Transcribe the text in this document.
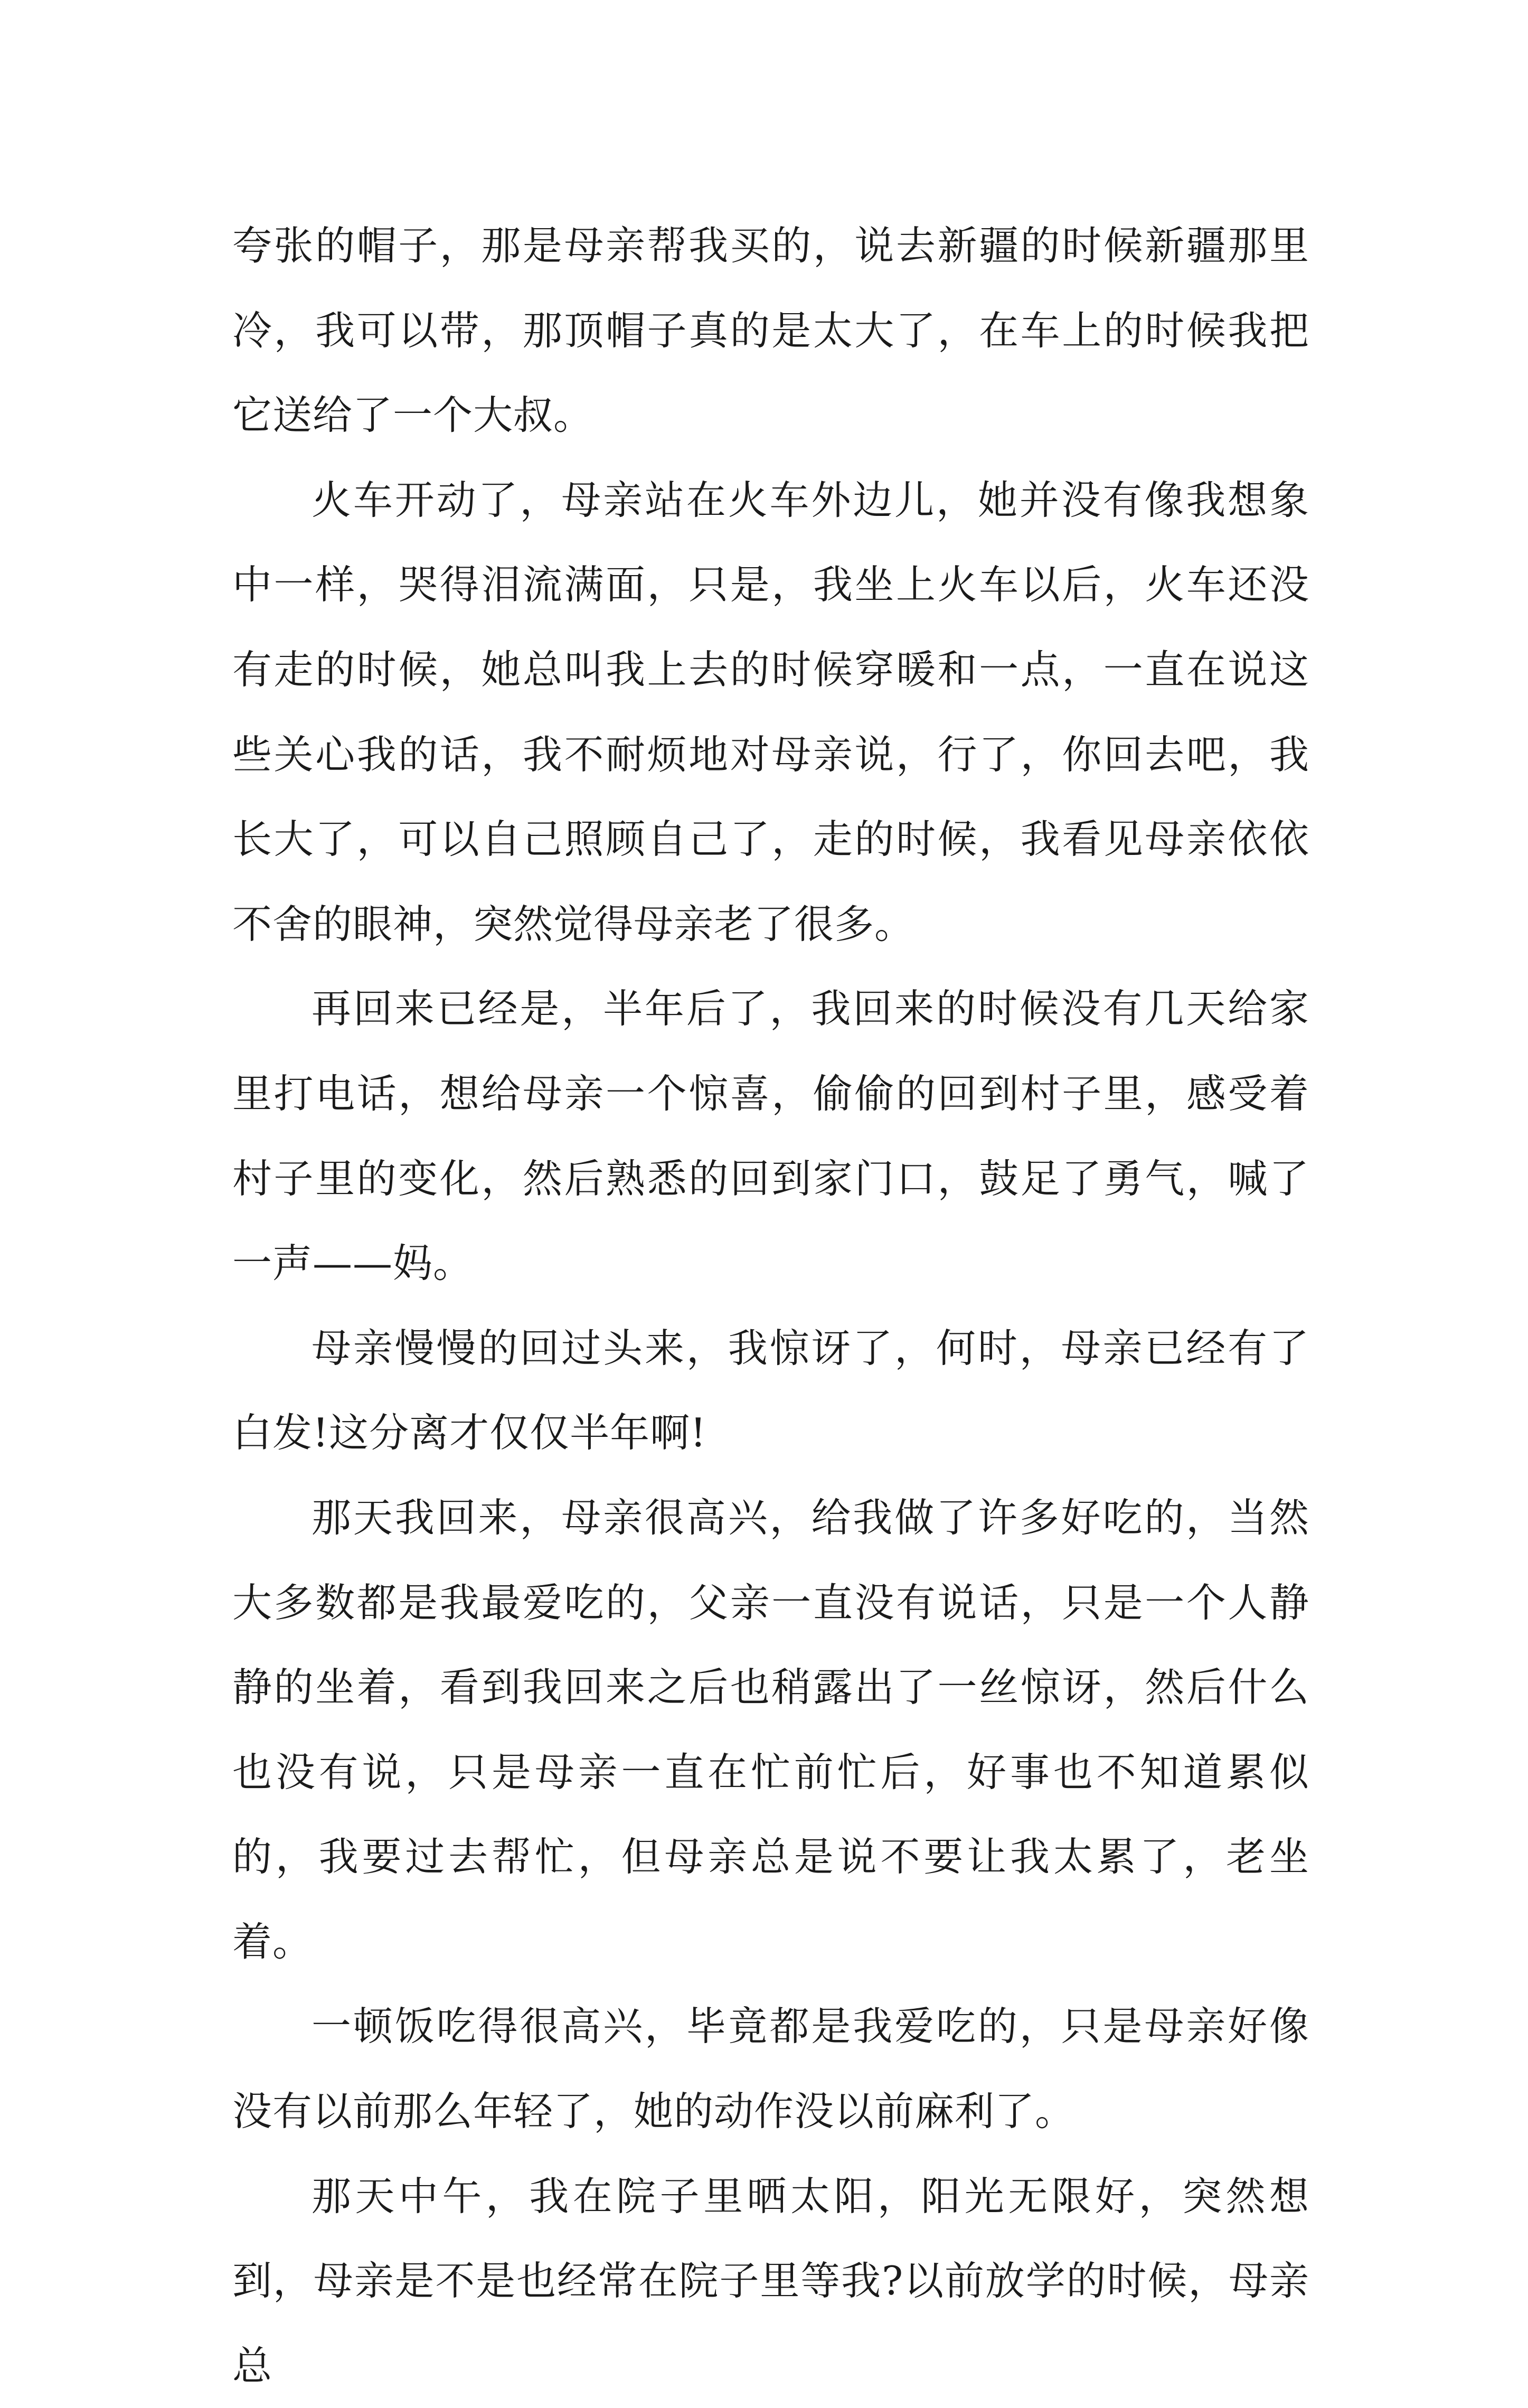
夸张的帽子，那是母亲帮我买的，说去新疆的时候新疆那里冷，我可以带，那顶帽子真的是太大了，在车上的时候我把它送给了一个大叔。

火车开动了，母亲站在火车外边儿，她并没有像我想象中一样，哭得泪流满面，只是，我坐上火车以后，火车还没有走的时候，她总叫我上去的时候穿暖和一点，一直在说这些关心我的话，我不耐烦地对母亲说，行了，你回去吧，我长大了，可以自己照顾自己了，走的时候，我看见母亲依依不舍的眼神，突然觉得母亲老了很多。

再回来已经是，半年后了，我回来的时候没有几天给家里打电话，想给母亲一个惊喜，偷偷的回到村子里，感受着村子里的变化，然后熟悉的回到家门口，鼓足了勇气，喊了一声——妈。

母亲慢慢的回过头来，我惊讶了，何时，母亲已经有了白发!这分离才仅仅半年啊!

那天我回来，母亲很高兴，给我做了许多好吃的，当然大多数都是我最爱吃的，父亲一直没有说话，只是一个人静静的坐着，看到我回来之后也稍露出了一丝惊讶，然后什么也没有说，只是母亲一直在忙前忙后，好事也不知道累似的，我要过去帮忙，但母亲总是说不要让我太累了，老坐着。

一顿饭吃得很高兴，毕竟都是我爱吃的，只是母亲好像没有以前那么年轻了，她的动作没以前麻利了。

那天中午，我在院子里晒太阳，阳光无限好，突然想到，母亲是不是也经常在院子里等我?以前放学的时候，母亲总
